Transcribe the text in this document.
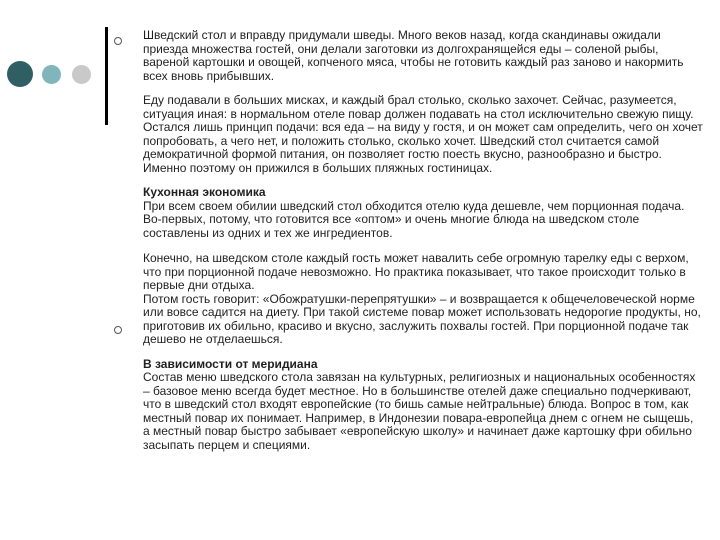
Шведский стол и вправду придумали шведы. Много веков назад, когда скандинавы ожидали приезда множества гостей, они делали заготовки из долгохранящейся еды – соленой рыбы, вареной картошки и овощей, копченого мяса, чтобы не готовить каждый раз заново и накормить всех вновь прибывших.

Еду подавали в больших мисках, и каждый брал столько, сколько захочет. Сейчас, разумеется, ситуация иная: в нормальном отеле повар должен подавать на стол исключительно свежую пищу. Остался лишь принцип подачи: вся еда – на виду у гостя, и он может сам определить, чего он хочет попробовать, а чего нет, и положить столько, сколько хочет. Шведский стол считается самой демократичной формой питания, он позволяет гостю поесть вкусно, разнообразно и быстро. Именно поэтому он прижился в больших пляжных гостиницах.

Кухонная экономика
При всем своем обилии шведский стол обходится отелю куда дешевле, чем порционная подача. Во-первых, потому, что готовится все «оптом» и очень многие блюда на шведском столе составлены из одних и тех же ингредиентов.

Конечно, на шведском столе каждый гость может навалить себе огромную тарелку еды с верхом, что при порционной подаче невозможно. Но практика показывает, что такое происходит только в первые дни отдыха.

Потом гость говорит: «Обожратушки-перепрятушки» – и возвращается к общечеловеческой норме или вовсе садится на диету. При такой системе повар может использовать недорогие продукты, но, приготовив их обильно, красиво и вкусно, заслужить похвалы гостей. При порционной подаче так дешево не отделаешься.

В зависимости от меридиана
Состав меню шведского стола завязан на культурных, религиозных и национальных особенностях – базовое меню всегда будет местное. Но в большинстве отелей даже специально подчеркивают, что в шведский стол входят европейские (то бишь самые нейтральные) блюда. Вопрос в том, как местный повар их понимает. Например, в Индонезии повара-европейца днем с огнем не сыщешь, а местный повар быстро забывает «европейскую школу» и начинает даже картошку фри обильно засыпать перцем и специями.
